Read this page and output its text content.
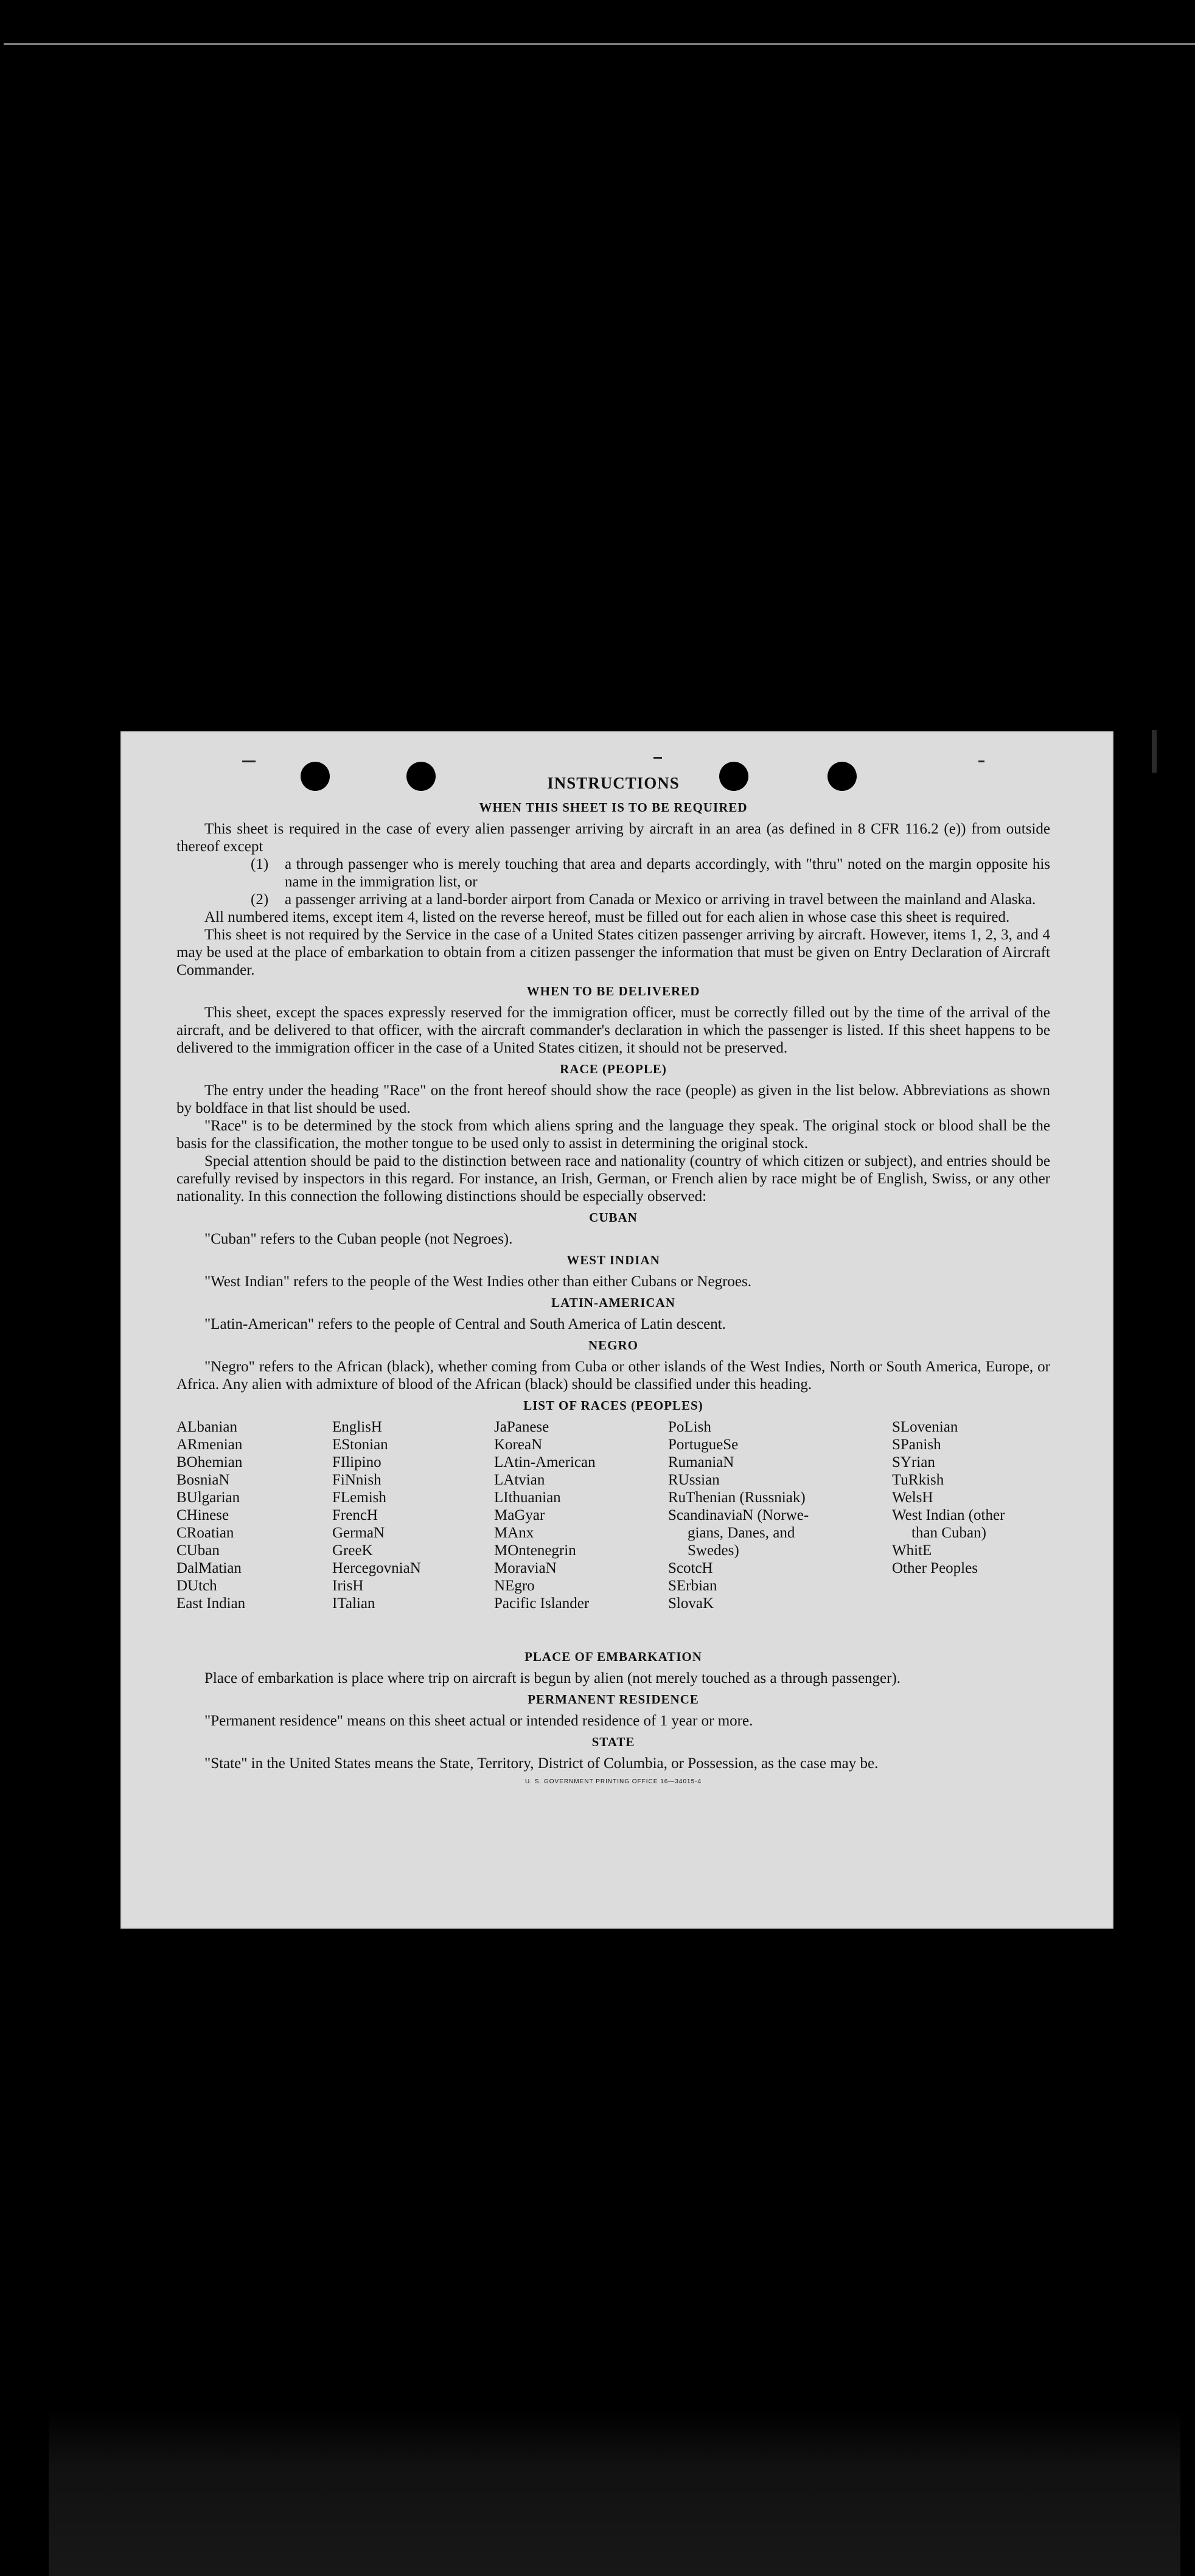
INSTRUCTIONS
WHEN THIS SHEET IS TO BE REQUIRED

This sheet is required in the case of every alien passenger arriving by aircraft in an area (as defined in 8 CFR 116.2 (e)) from outside thereof except

(1)	a through passenger who is merely touching that area and departs accordingly, with "thru" noted on the margin opposite his name in the immigration list, or
(2)	a passenger arriving at a land-border airport from Canada or Mexico or arriving in travel between the mainland and Alaska.

All numbered items, except item 4, listed on the reverse hereof, must be filled out for each alien in whose case this sheet is required.

This sheet is not required by the Service in the case of a United States citizen passenger arriving by aircraft. However, items 1, 2, 3, and 4 may be used at the place of embarkation to obtain from a citizen passenger the information that must be given on Entry Declaration of Aircraft Commander.

WHEN TO BE DELIVERED

This sheet, except the spaces expressly reserved for the immigration officer, must be correctly filled out by the time of the arrival of the aircraft, and be delivered to that officer, with the aircraft commander's declaration in which the passenger is listed. If this sheet happens to be delivered to the immigration officer in the case of a United States citizen, it should not be preserved.

RACE (PEOPLE)

The entry under the heading "Race" on the front hereof should show the race (people) as given in the list below. Abbreviations as shown by boldface in that list should be used.

"Race" is to be determined by the stock from which aliens spring and the language they speak. The original stock or blood shall be the basis for the classification, the mother tongue to be used only to assist in determining the original stock.

Special attention should be paid to the distinction between race and nationality (country of which citizen or subject), and entries should be carefully revised by inspectors in this regard. For instance, an Irish, German, or French alien by race might be of English, Swiss, or any other nationality. In this connection the following distinctions should be especially observed:

CUBAN

"Cuban" refers to the Cuban people (not Negroes).

WEST INDIAN

"West Indian" refers to the people of the West Indies other than either Cubans or Negroes.

LATIN-AMERICAN

"Latin-American" refers to the people of Central and South America of Latin descent.

NEGRO

"Negro" refers to the African (black), whether coming from Cuba or other islands of the West Indies, North or South America, Europe, or Africa. Any alien with admixture of blood of the African (black) should be classified under this heading.

LIST OF RACES (PEOPLES)
ALbanian
ARmenian
BOhemian
BosniaN
BUlgarian
CHinese
CRoatian
CUban
DalMatian
DUtch
East Indian
EnglisH
EStonian
FIlipino
FiNnish
FLemish
FrencH
GermaN
GreeK
HercegovniaN
IrisH
ITalian
JaPanese
KoreaN
LAtin-American
LAtvian
LIthuanian
MaGyar
MAnx
MOntenegrin
MoraviaN
NEgro
Pacific Islander
PoLish
PortugueSe
RumaniaN
RUssian
RuThenian (Russniak)
ScandinaviaN (Norwe-
gians, Danes, and
Swedes)
ScotcH
SErbian
SlovaK
SLovenian
SPanish
SYrian
TuRkish
WelsH
West Indian (other
than Cuban)
WhitE
Other Peoples
PLACE OF EMBARKATION

Place of embarkation is place where trip on aircraft is begun by alien (not merely touched as a through passenger).

PERMANENT RESIDENCE

"Permanent residence" means on this sheet actual or intended residence of 1 year or more.

STATE

"State" in the United States means the State, Territory, District of Columbia, or Possession, as the case may be.

U. S. GOVERNMENT PRINTING OFFICE 16—34015-4
